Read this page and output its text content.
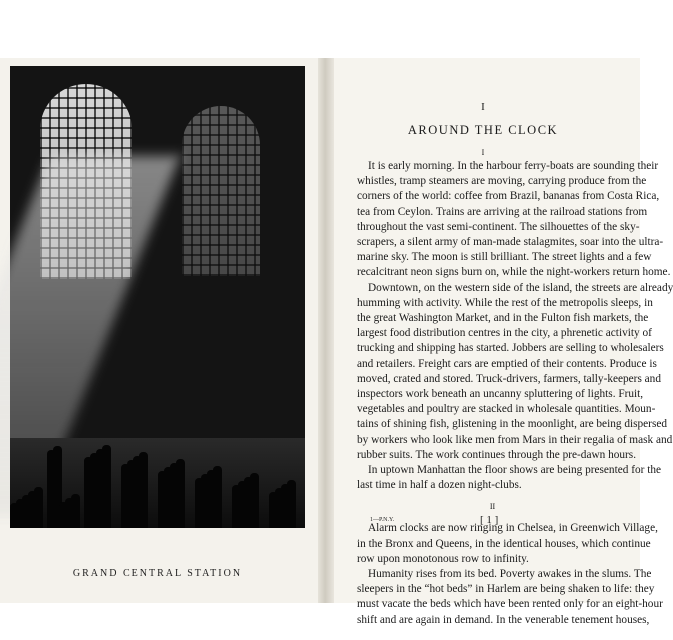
GRAND CENTRAL STATION
I
AROUND THE CLOCK
I
It is early morning. In the harbour ferry-boats are sounding their
whistles, tramp steamers are moving, carrying produce from the
corners of the world: coffee from Brazil, bananas from Costa Rica,
tea from Ceylon. Trains are arriving at the railroad stations from
throughout the vast semi-continent. The silhouettes of the sky-
scrapers, a silent army of man-made stalagmites, soar into the ultra-
marine sky. The moon is still brilliant. The street lights and a few
recalcitrant neon signs burn on, while the night-workers return home.
Downtown, on the western side of the island, the streets are already
humming with activity. While the rest of the metropolis sleeps, in
the great Washington Market, and in the Fulton fish markets, the
largest food distribution centres in the city, a phrenetic activity of
trucking and shipping has started. Jobbers are selling to wholesalers
and retailers. Freight cars are emptied of their contents. Produce is
moved, crated and stored. Truck-drivers, farmers, tally-keepers and
inspectors work beneath an uncanny spluttering of lights. Fruit,
vegetables and poultry are stacked in wholesale quantities. Moun-
tains of shining fish, glistening in the moonlight, are being dispersed
by workers who look like men from Mars in their regalia of mask and
rubber suits. The work continues through the pre-dawn hours.
In uptown Manhattan the floor shows are being presented for the
last time in half a dozen night-clubs.
II
Alarm clocks are now ringing in Chelsea, in Greenwich Village,
in the Bronx and Queens, in the identical houses, which continue
row upon monotonous row to infinity.
Humanity rises from its bed. Poverty awakes in the slums. The
sleepers in the “hot beds” in Harlem are being shaken to life: they
must vacate the beds which have been rented only for an eight-hour
shift and are again in demand. In the venerable tenement houses,
1—P.N.Y.	[ 1 ]
